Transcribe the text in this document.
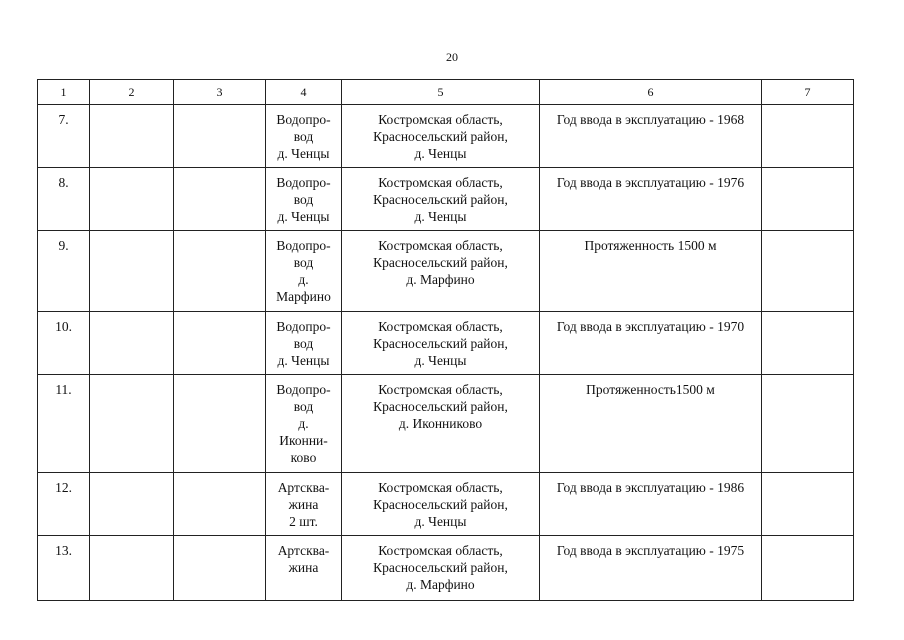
20
1	2	3	4	5	6	7

7.			Водопро-
вод
д. Ченцы	Костромская область,
Красносельский район,
д. Ченцы	Год ввода в эксплуатацию - 1968	

8.			Водопро-
вод
д. Ченцы	Костромская область,
Красносельский район,
д. Ченцы	Год ввода в эксплуатацию - 1976	

9.			Водопро-
вод
д.
Марфино	Костромская область,
Красносельский район,
д. Марфино	Протяженность 1500 м	

10.			Водопро-
вод
д. Ченцы	Костромская область,
Красносельский район,
д. Ченцы	Год ввода в эксплуатацию - 1970	

11.			Водопро-
вод
д.
Иконни-
ково	Костромская область,
Красносельский район,
д. Иконниково	Протяженность1500 м	

12.			Артсква-
жина
2 шт.	Костромская область,
Красносельский район,
д. Ченцы	Год ввода в эксплуатацию - 1986	

13.			Артсква-
жина	Костромская область,
Красносельский район,
д. Марфино	Год ввода в эксплуатацию - 1975	
